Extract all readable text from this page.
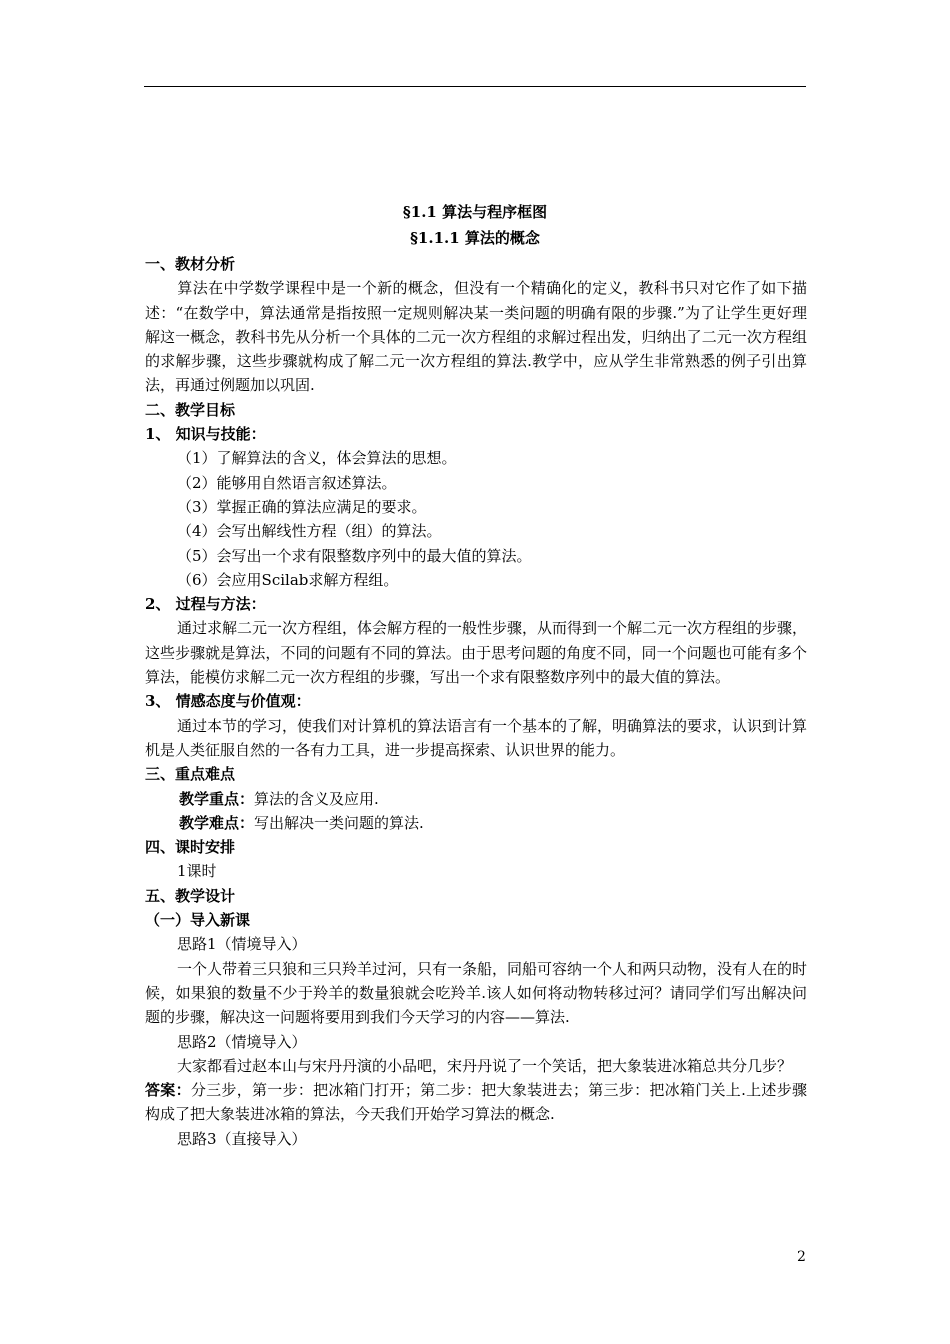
§1.1 算法与程序框图
§1.1.1 算法的概念
一、教材分析
算法在中学数学课程中是一个新的概念，但没有一个精确化的定义，教科书只对它作了如下描述：“在数学中，算法通常是指按照一定规则解决某一类问题的明确有限的步骤.”为了让学生更好理解这一概念，教科书先从分析一个具体的二元一次方程组的求解过程出发，归纳出了二元一次方程组的求解步骤，这些步骤就构成了解二元一次方程组的算法.教学中，应从学生非常熟悉的例子引出算法，再通过例题加以巩固.
二、教学目标
1、 知识与技能：
（1）了解算法的含义，体会算法的思想。
（2）能够用自然语言叙述算法。
（3）掌握正确的算法应满足的要求。
（4）会写出解线性方程（组）的算法。
（5）会写出一个求有限整数序列中的最大值的算法。
（6）会应用Scilab求解方程组。
2、 过程与方法：
通过求解二元一次方程组，体会解方程的一般性步骤，从而得到一个解二元一次方程组的步骤，这些步骤就是算法，不同的问题有不同的算法。由于思考问题的角度不同，同一个问题也可能有多个算法，能模仿求解二元一次方程组的步骤，写出一个求有限整数序列中的最大值的算法。
3、 情感态度与价值观：
通过本节的学习，使我们对计算机的算法语言有一个基本的了解，明确算法的要求，认识到计算机是人类征服自然的一各有力工具，进一步提高探索、认识世界的能力。
三、重点难点
教学重点：算法的含义及应用.
教学难点：写出解决一类问题的算法.
四、课时安排
1课时
五、教学设计
（一）导入新课
思路1（情境导入）
一个人带着三只狼和三只羚羊过河，只有一条船，同船可容纳一个人和两只动物，没有人在的时候，如果狼的数量不少于羚羊的数量狼就会吃羚羊.该人如何将动物转移过河？请同学们写出解决问题的步骤，解决这一问题将要用到我们今天学习的内容——算法.
思路2（情境导入）
大家都看过赵本山与宋丹丹演的小品吧，宋丹丹说了一个笑话，把大象装进冰箱总共分几步？
答案：分三步，第一步：把冰箱门打开；第二步：把大象装进去；第三步：把冰箱门关上.上述步骤构成了把大象装进冰箱的算法，今天我们开始学习算法的概念.
思路3（直接导入）
2
